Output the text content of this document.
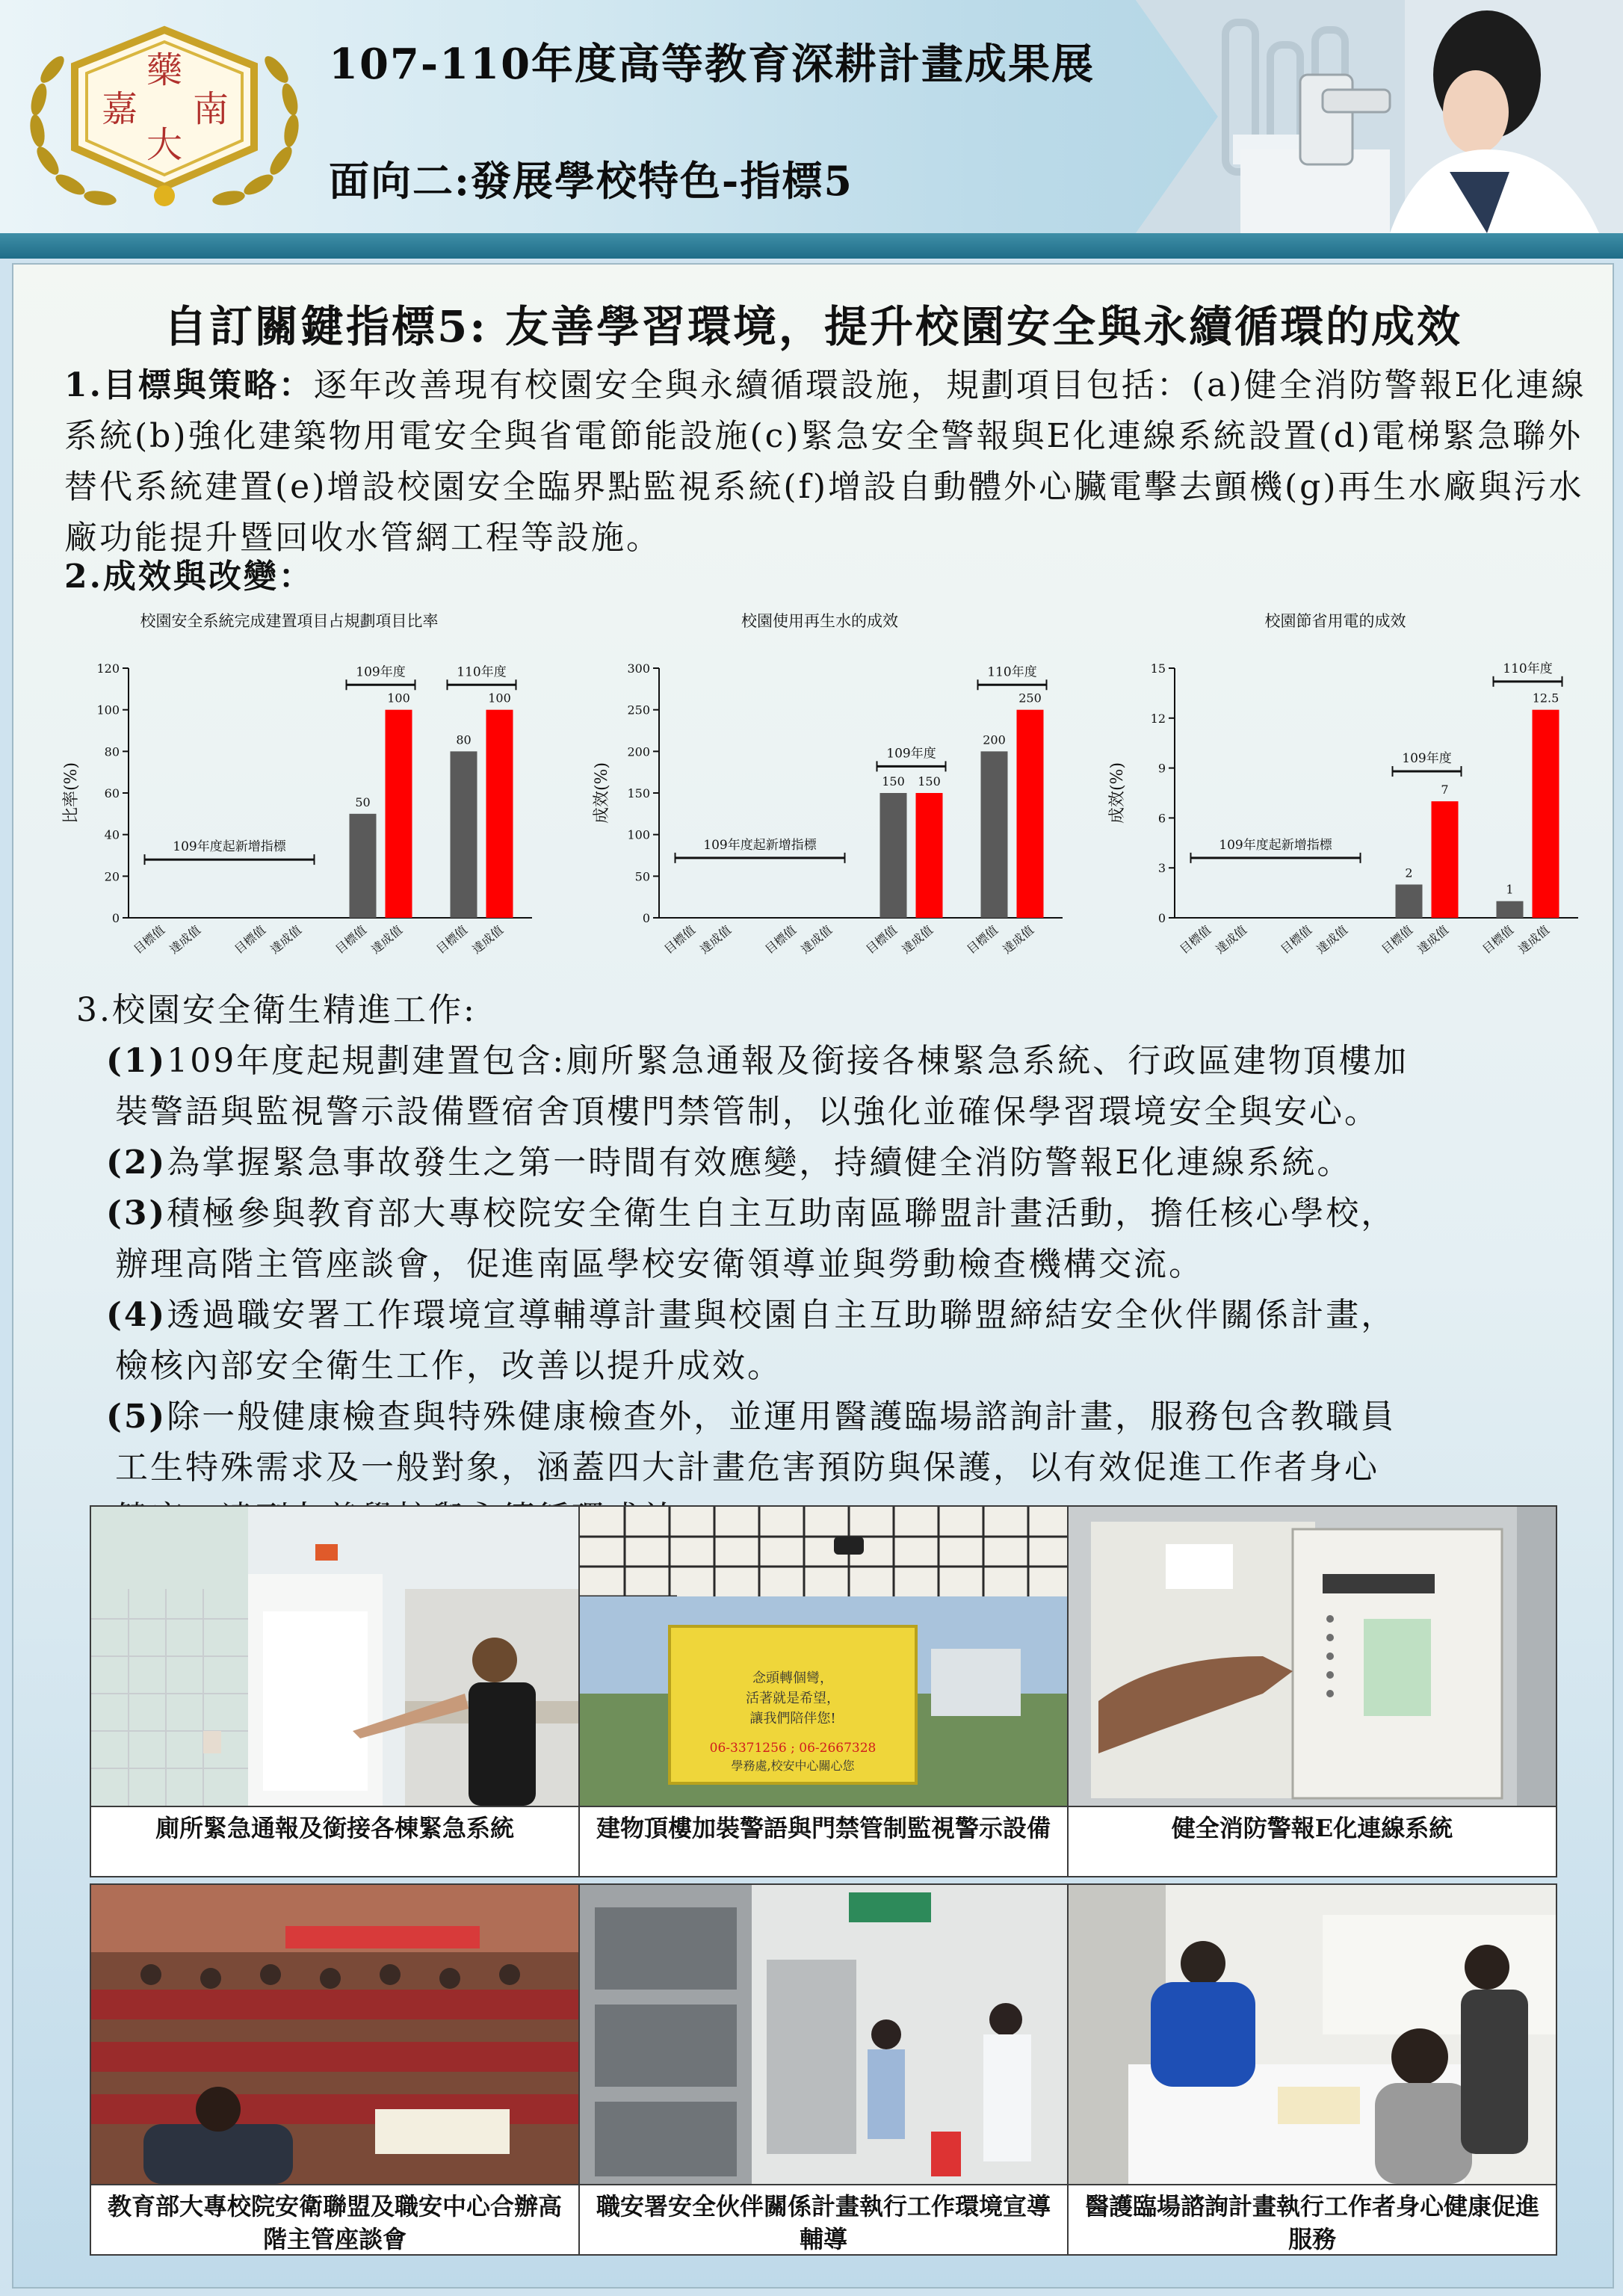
藥
嘉 南
大
107-110年度高等教育深耕計畫成果展
面向二:發展學校特色-指標5
自訂關鍵指標5: 友善學習環境，提升校園安全與永續循環的成效
1.目標與策略：逐年改善現有校園安全與永續循環設施，規劃項目包括：(a)健全消防警報E化連線系統(b)強化建築物用電安全與省電節能設施(c)緊急安全警報與E化連線系統設置(d)電梯緊急聯外替代系統建置(e)增設校園安全臨界點監視系統(f)增設自動體外心臟電擊去顫機(g)再生水廠與污水廠功能提升暨回收水管網工程等設施。
2.成效與改變：
校園安全系統完成建置項目占規劃項目比率
0
20
40
60
80
100
120
比率(%)
目標值 達成值 目標值 達成值
50
目標值
100
達成值
80
目標值
100
達成值
109年度起新增指標
109年度	110年度
校園使用再生水的成效
0
50
100
150
200
250
300
成效(%)
目標值 達成值 目標值 達成值
150
目標值
150
達成值
200
目標值
250
達成值
109年度起新增指標
109年度
110年度
校園節省用電的成效
0
3
6
9
12
15
成效(%)
目標值 達成值 目標值 達成值
2
目標值
7
達成值
1
目標值
12.5
達成值
109年度起新增指標
109年度
110年度
3.校園安全衛生精進工作:
(1)109年度起規劃建置包含:廁所緊急通報及銜接各棟緊急系統、行政區建物頂樓加
裝警語與監視警示設備暨宿舍頂樓門禁管制，以強化並確保學習環境安全與安心。
(2)為掌握緊急事故發生之第一時間有效應變，持續健全消防警報E化連線系統。
(3)積極參與教育部大專校院安全衛生自主互助南區聯盟計畫活動，擔任核心學校，
辦理高階主管座談會，促進南區學校安衛領導並與勞動檢查機構交流。
(4)透過職安署工作環境宣導輔導計畫與校園自主互助聯盟締結安全伙伴關係計畫，
檢核內部安全衛生工作，改善以提升成效。
(5)除一般健康檢查與特殊健康檢查外，並運用醫護臨場諮詢計畫，服務包含教職員
工生特殊需求及一般對象，涵蓋四大計畫危害預防與保護，以有效促進工作者身心
廁所緊急通報及銜接各棟緊急系統
念頭轉個彎，
活著就是希望，
讓我們陪伴您!
06-3371256 ; 06-2667328
學務處,校安中心關心您
建物頂樓加裝警語與門禁管制監視警示設備	健全消防警報E化連線系統
教育部大專校院安衛聯盟及職安中心合辦高階主管座談會
職安署安全伙伴關係計畫執行工作環境宣導輔導
醫護臨場諮詢計畫執行工作者身心健康促進服務
